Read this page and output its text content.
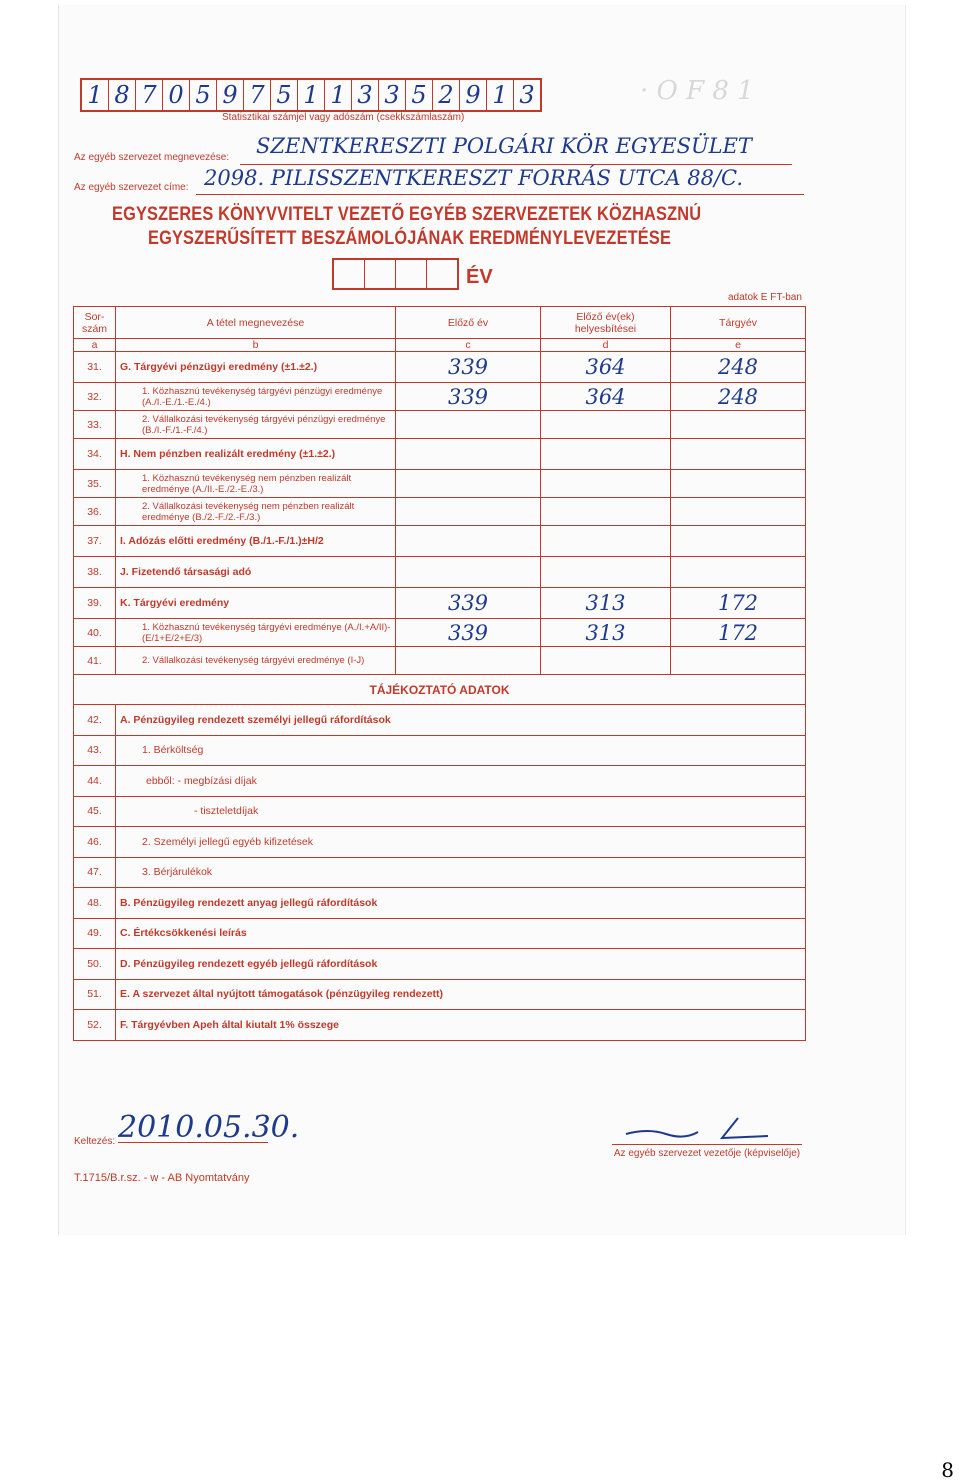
1 8 7 0 5 9 7 5 1 1 3 3 5 2 9 1 3	· O F 8 1
Statisztikai számjel vagy adószám (csekkszámlaszám)
Az egyéb szervezet megnevezése: SZENTKERESZTI POLGÁRI KÖR EGYESÜLET
Az egyéb szervezet címe: 2098. PILISSZENTKERESZT FORRÁS UTCA 88/C.
EGYSZERES KÖNYVVITELT VEZETŐ EGYÉB SZERVEZETEK KÖZHASZNÚ
EGYSZERŰSÍTETT BESZÁMOLÓJÁNAK EREDMÉNYLEVEZETÉSE
ÉV
adatok E FT-ban
Sor-szám	A tétel megnevezése	Előző év	Előző év(ek) helyesbítései	Tárgyév
a	b	c	d	e
31.	G. Tárgyévi pénzügyi eredmény (±1.±2.)	339	364	248
32.	1. Közhasznú tevékenység tárgyévi pénzügyi eredménye (A./I.-E./1.-E./4.)	339	364	248
33.	2. Vállalkozási tevékenység tárgyévi pénzügyi eredménye (B./I.-F./1.-F./4.)			
34.	H. Nem pénzben realizált eredmény (±1.±2.)			
35.	1. Közhasznú tevékenység nem pénzben realizált eredménye (A./II.-E./2.-E./3.)			
36.	2. Vállalkozási tevékenység nem pénzben realizált eredménye (B./2.-F./2.-F./3.)			
37.	I. Adózás előtti eredmény (B./1.-F./1.)±H/2			
38.	J. Fizetendő társasági adó			
39.	K. Tárgyévi eredmény	339	313	172
40.	1. Közhasznú tevékenység tárgyévi eredménye (A./I.+A/II)-(E/1+E/2+E/3)	339	313	172
41.	2. Vállalkozási tevékenység tárgyévi eredménye (I-J)			
TÁJÉKOZTATÓ ADATOK				
42.	A. Pénzügyileg rendezett személyi jellegű ráfordítások			
43.	1. Bérköltség			
44.	ebből: - megbízási díjak			
45.	- tiszteletdíjak			
46.	2. Személyi jellegű egyéb kifizetések			
47.	3. Bérjárulékok			
48.	B. Pénzügyileg rendezett anyag jellegű ráfordítások			
49.	C. Értékcsökkenési leírás			
50.	D. Pénzügyileg rendezett egyéb jellegű ráfordítások			
51.	E. A szervezet által nyújtott támogatások (pénzügyileg rendezett)			
52.	F. Tárgyévben Apeh által kiutalt 1% összege			
Keltezés: 2010.05.30.
Az egyéb szervezet vezetője (képviselője)
T.1715/B.r.sz. - w - AB Nyomtatvány
8
